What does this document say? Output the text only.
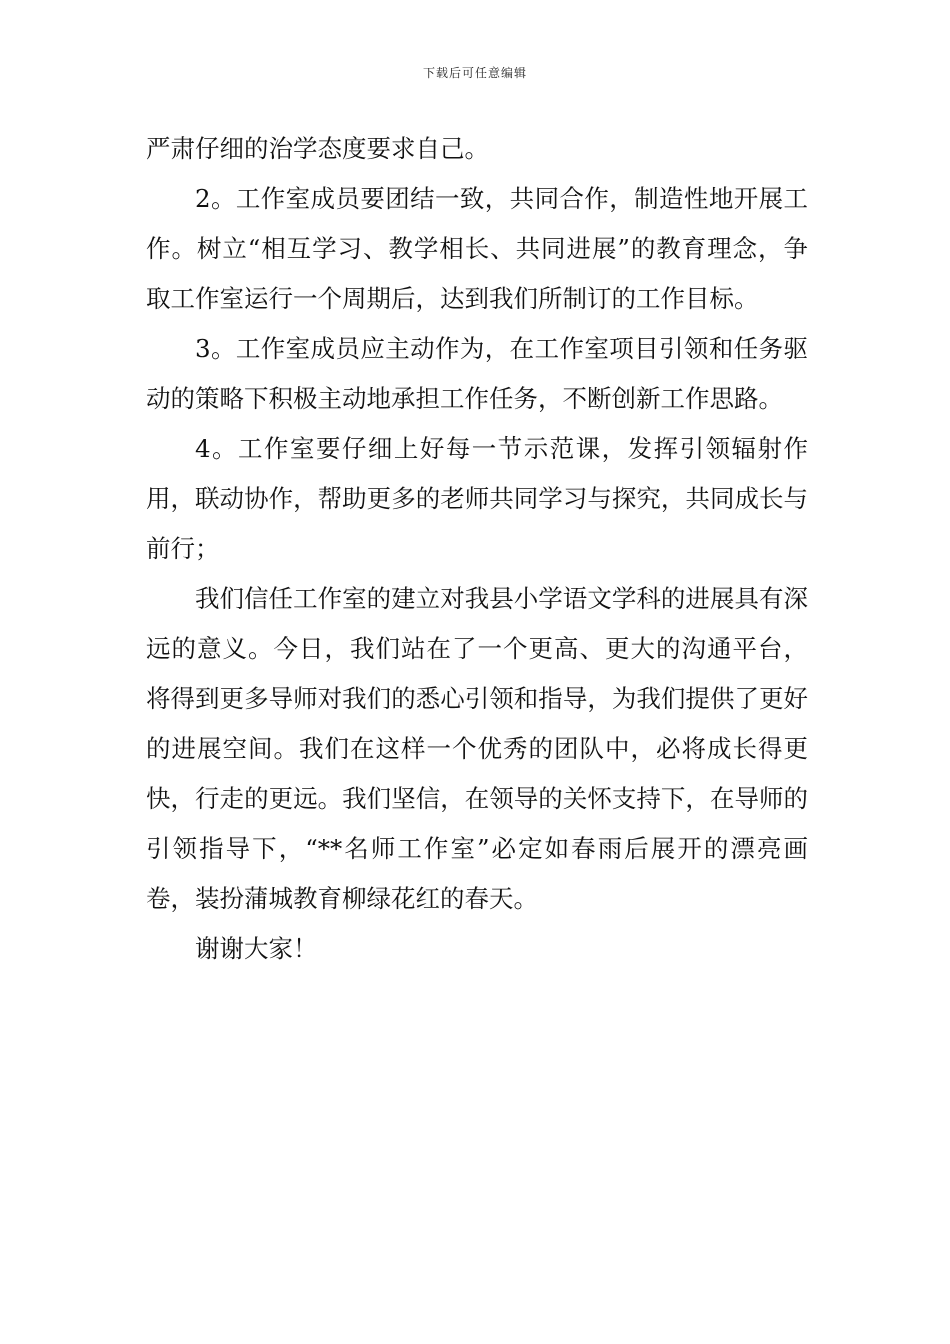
下载后可任意编辑

严肃仔细的治学态度要求自己。

2。工作室成员要团结一致，共同合作，制造性地开展工作。树立“相互学习、教学相长、共同进展”的教育理念，争取工作室运行一个周期后，达到我们所制订的工作目标。

3。工作室成员应主动作为，在工作室项目引领和任务驱动的策略下积极主动地承担工作任务，不断创新工作思路。

4。工作室要仔细上好每一节示范课，发挥引领辐射作用，联动协作，帮助更多的老师共同学习与探究，共同成长与前行；

我们信任工作室的建立对我县小学语文学科的进展具有深远的意义。今日，我们站在了一个更高、更大的沟通平台， 将得到更多导师对我们的悉心引领和指导，为我们提供了更好的进展空间。我们在这样一个优秀的团队中，必将成长得更快，行走的更远。我们坚信，在领导的关怀支持下，在导师的引领指导下，“**名师工作室”必定如春雨后展开的漂亮画卷，装扮蒲城教育柳绿花红的春天。

谢谢大家！
